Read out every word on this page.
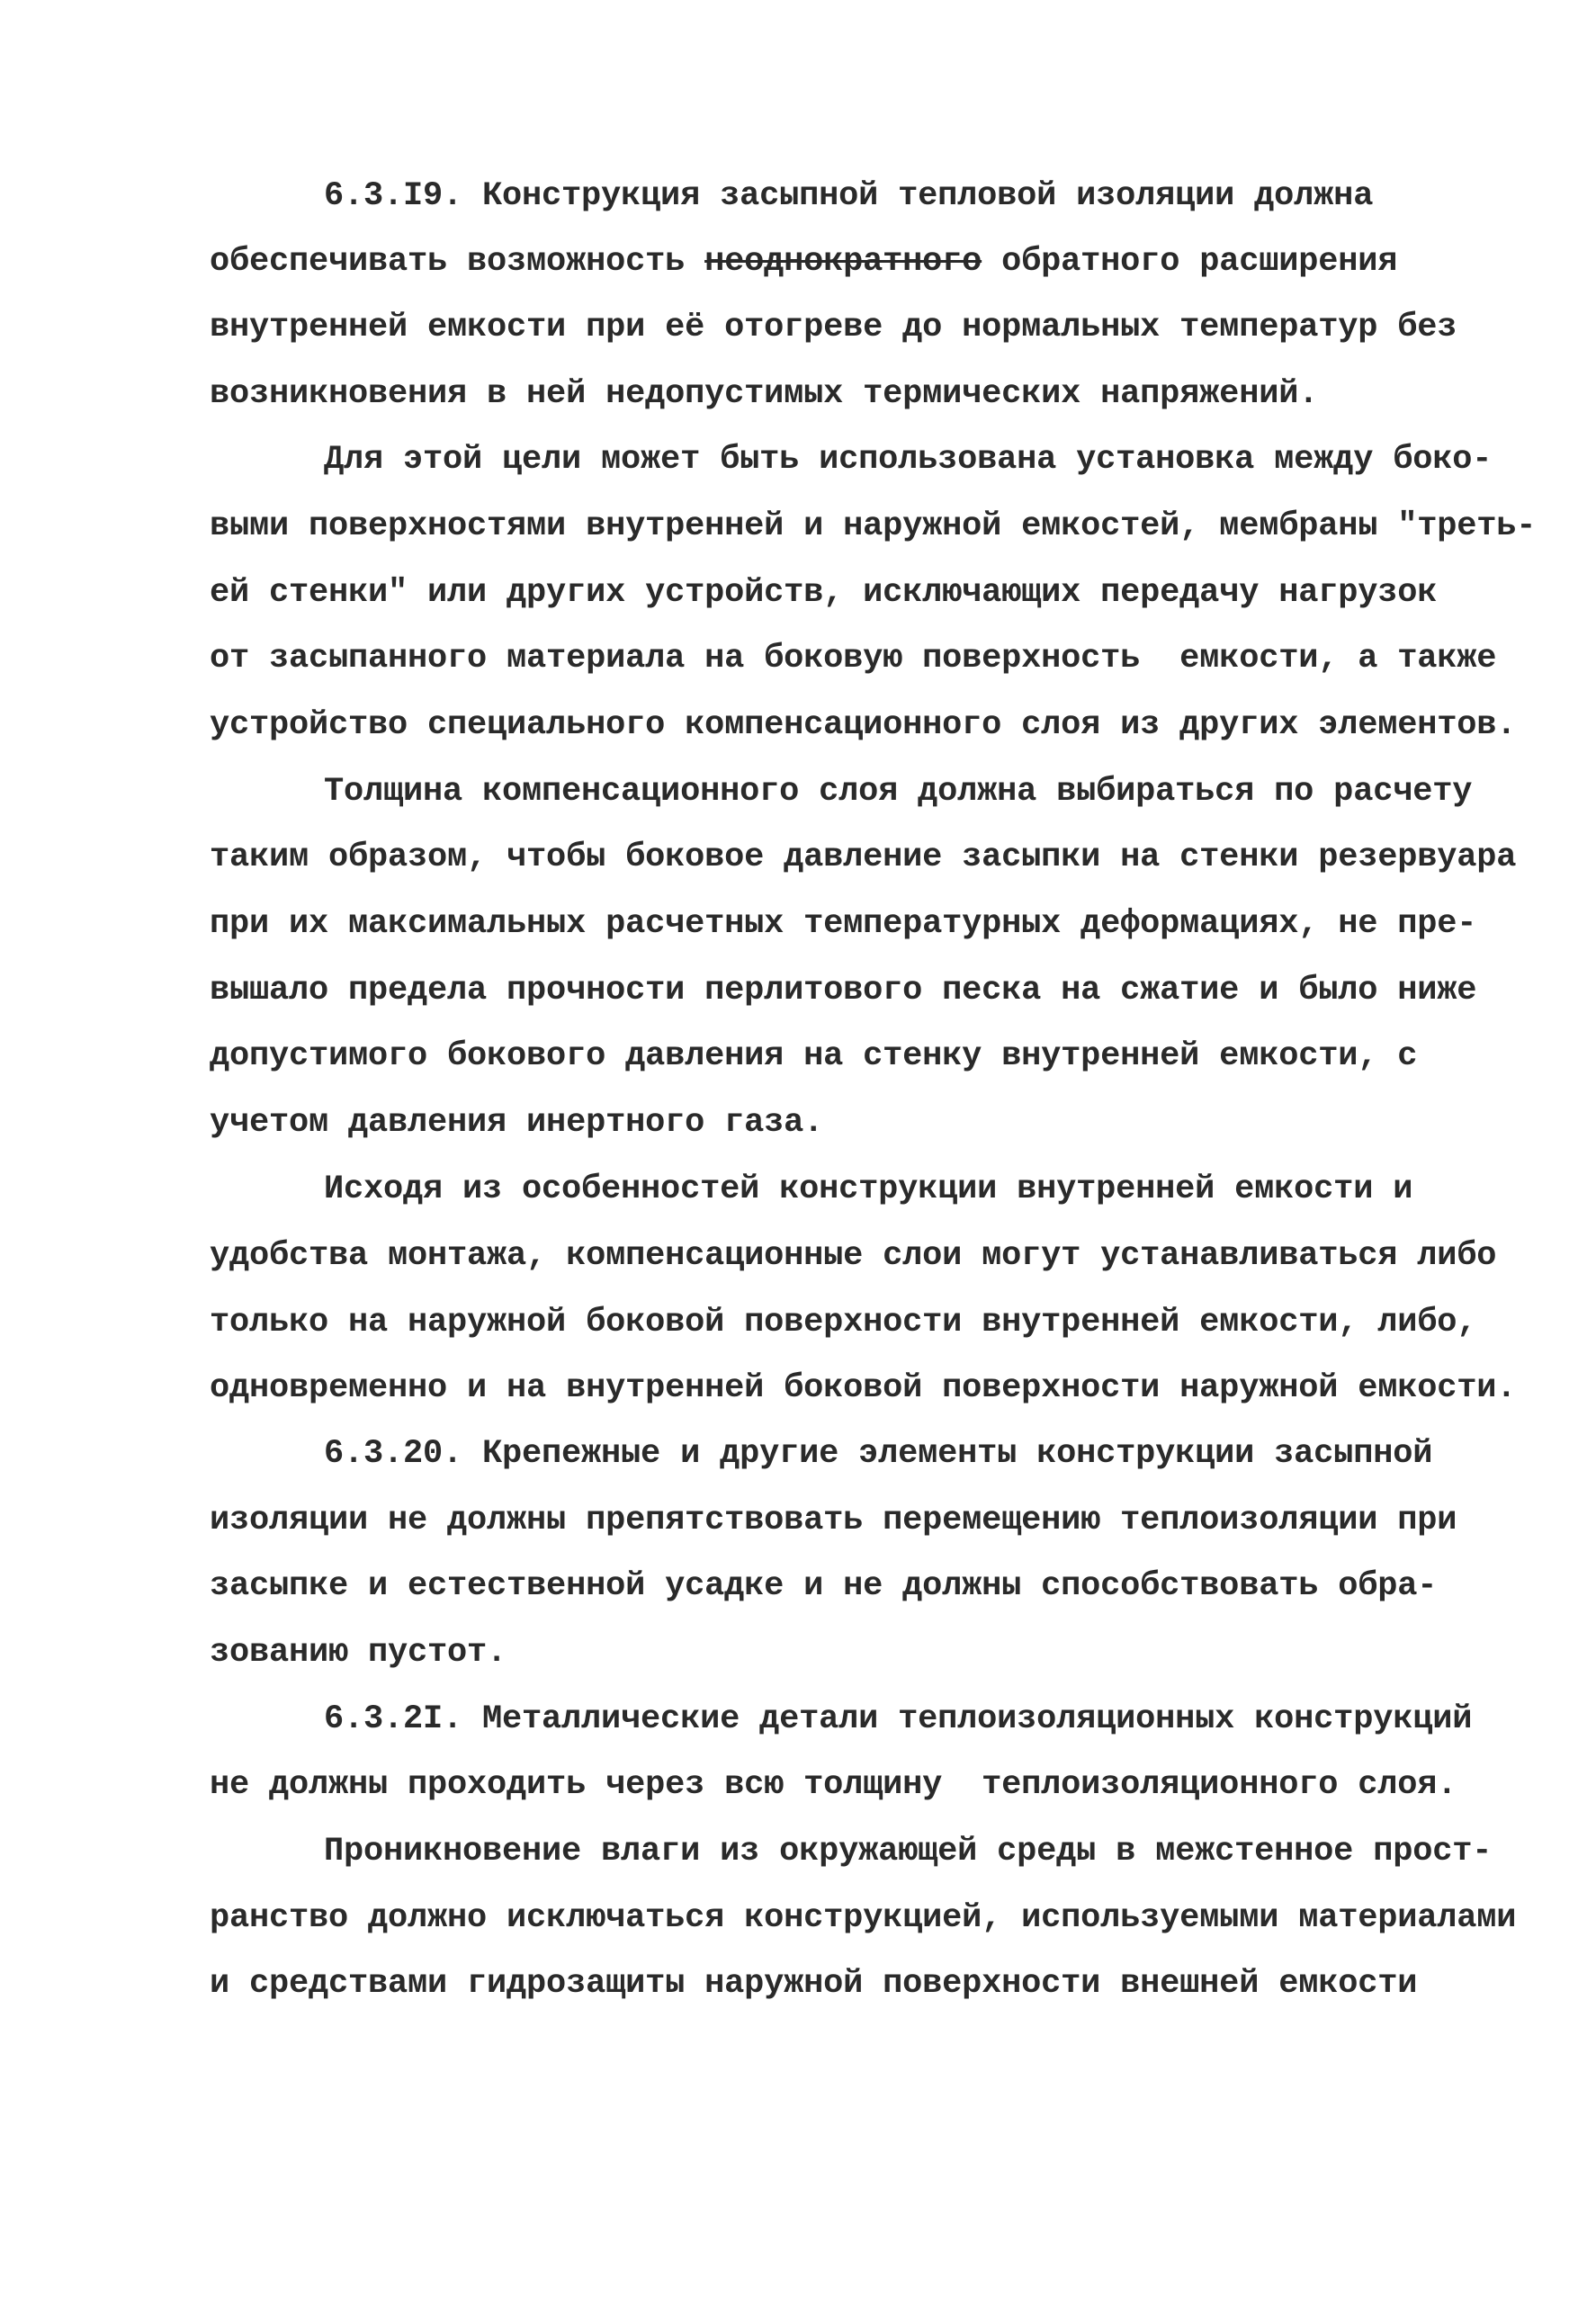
6.3.I9. Конструкция засыпной тепловой изоляции должна
обеспечивать возможность неоднократного обратного расширения
внутренней емкости при её отогреве до нормальных температур без
возникновения в ней недопустимых термических напряжений.
Для этой цели может быть использована установка между боко-
выми поверхностями внутренней и наружной емкостей, мембраны "треть-
ей стенки" или других устройств, исключающих передачу нагрузок
от засыпанного материала на боковую поверхность  емкости, а также
устройство специального компенсационного слоя из других элементов.
Толщина компенсационного слоя должна выбираться по расчету
таким образом, чтобы боковое давление засыпки на стенки резервуара
при их максимальных расчетных температурных деформациях, не пре-
вышало предела прочности перлитового песка на сжатие и было ниже
допустимого бокового давления на стенку внутренней емкости, с
учетом давления инертного газа.
Исходя из особенностей конструкции внутренней емкости и
удобства монтажа, компенсационные слои могут устанавливаться либо
только на наружной боковой поверхности внутренней емкости, либо,
одновременно и на внутренней боковой поверхности наружной емкости.
6.3.20. Крепежные и другие элементы конструкции засыпной
изоляции не должны препятствовать перемещению теплоизоляции при
засыпке и естественной усадке и не должны способствовать обра-
зованию пустот.
6.3.2I. Металлические детали теплоизоляционных конструкций
не должны проходить через всю толщину  теплоизоляционного слоя.
Проникновение влаги из окружающей среды в межстенное прост-
ранство должно исключаться конструкцией, используемыми материалами
и средствами гидрозащиты наружной поверхности внешней емкости
